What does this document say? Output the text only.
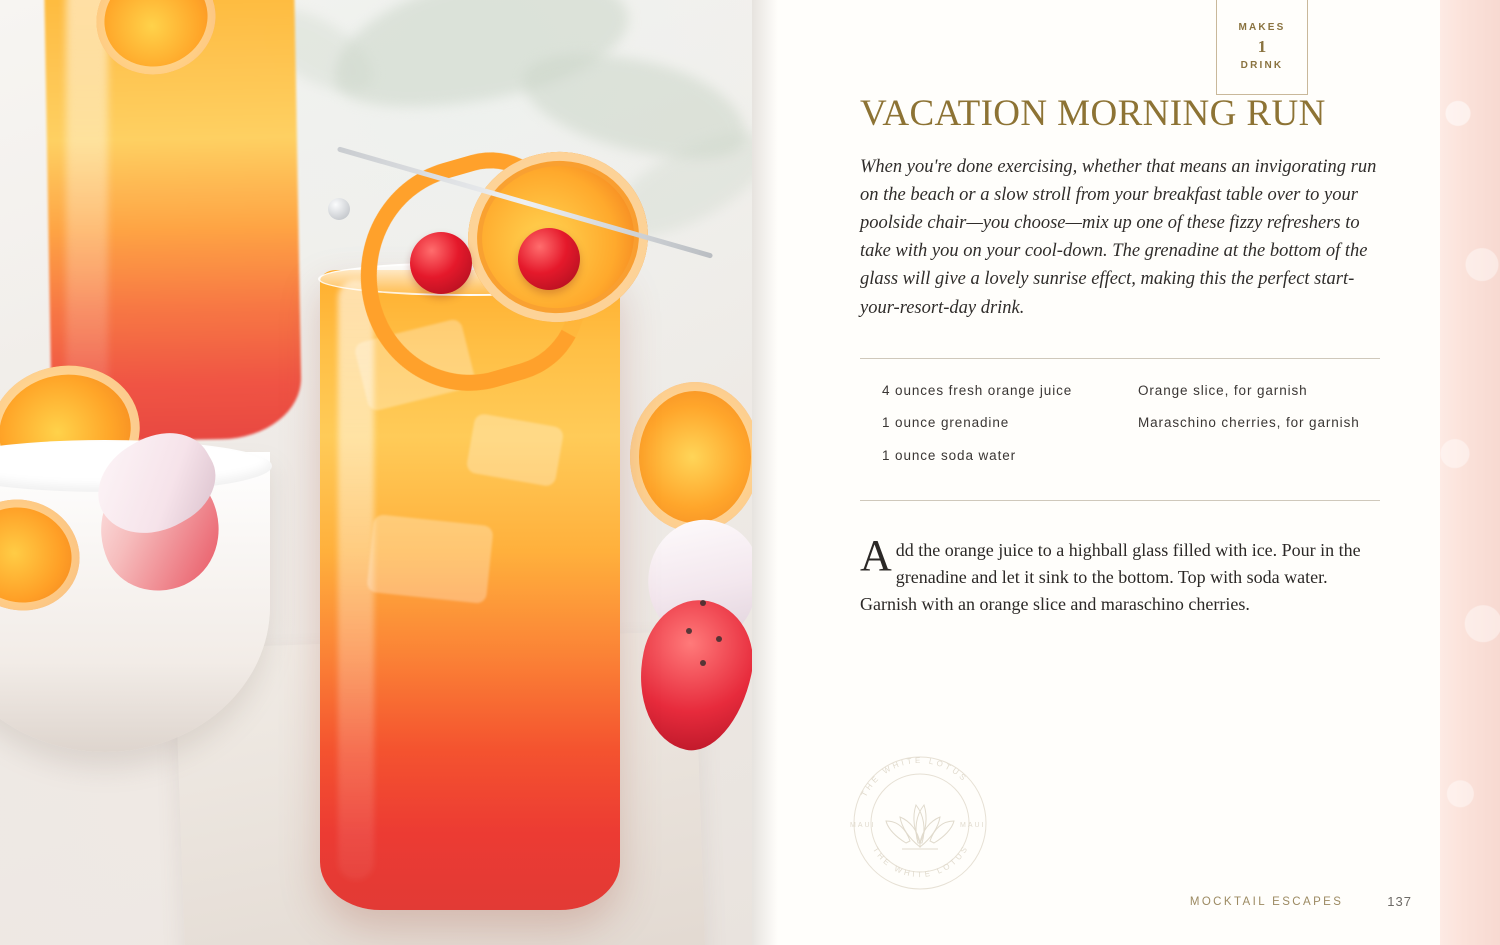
MAKES
1
DRINK
VACATION MORNING RUN

When you're done exercising, whether that means an invigorating run on the beach or a slow stroll from your breakfast table over to your poolside chair—you choose—mix up one of these fizzy refreshers to take with you on your cool-down. The grenadine at the bottom of the glass will give a lovely sunrise effect, making this the perfect start-your-resort-day drink.

4 ounces fresh orange juice
1 ounce grenadine
1 ounce soda water
Orange slice, for garnish
Maraschino cherries, for garnish
Add the orange juice to a highball glass filled with ice. Pour in the grenadine and let it sink to the bottom. Top with soda water. Garnish with an orange slice and maraschino cherries.
THE WHITE LOTUS
THE WHITE LOTUS
MAUI	MAUI
MOCKTAIL ESCAPES	137
